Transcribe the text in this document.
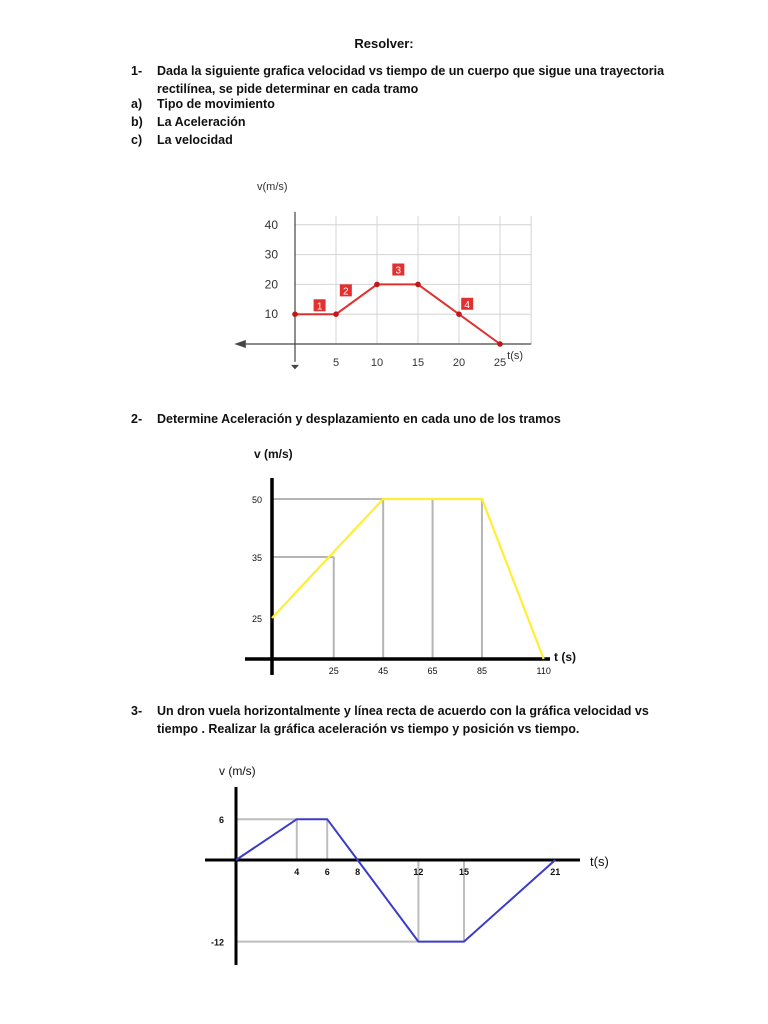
Resolver:
1- Dada la siguiente grafica velocidad vs tiempo de un cuerpo que sigue una trayectoria
rectilínea, se pide determinar en cada tramo
a) Tipo de movimiento
b) La Aceleración
c) La velocidad
10
20
30
40
5	10	15	20	25
v(m/s)
t(s)
1
2
3
4
2- Determine Aceleración y desplazamiento en cada uno de los tramos
25
35
50
25	45	65	85	110
v (m/s)
t (s)
3- Un dron vuela horizontalmente y línea recta de acuerdo con la gráfica velocidad vs
tiempo . Realizar la gráfica aceleración vs tiempo y posición vs tiempo.
6
-12
4	6	8	12	15	21
v (m/s)
t(s)
